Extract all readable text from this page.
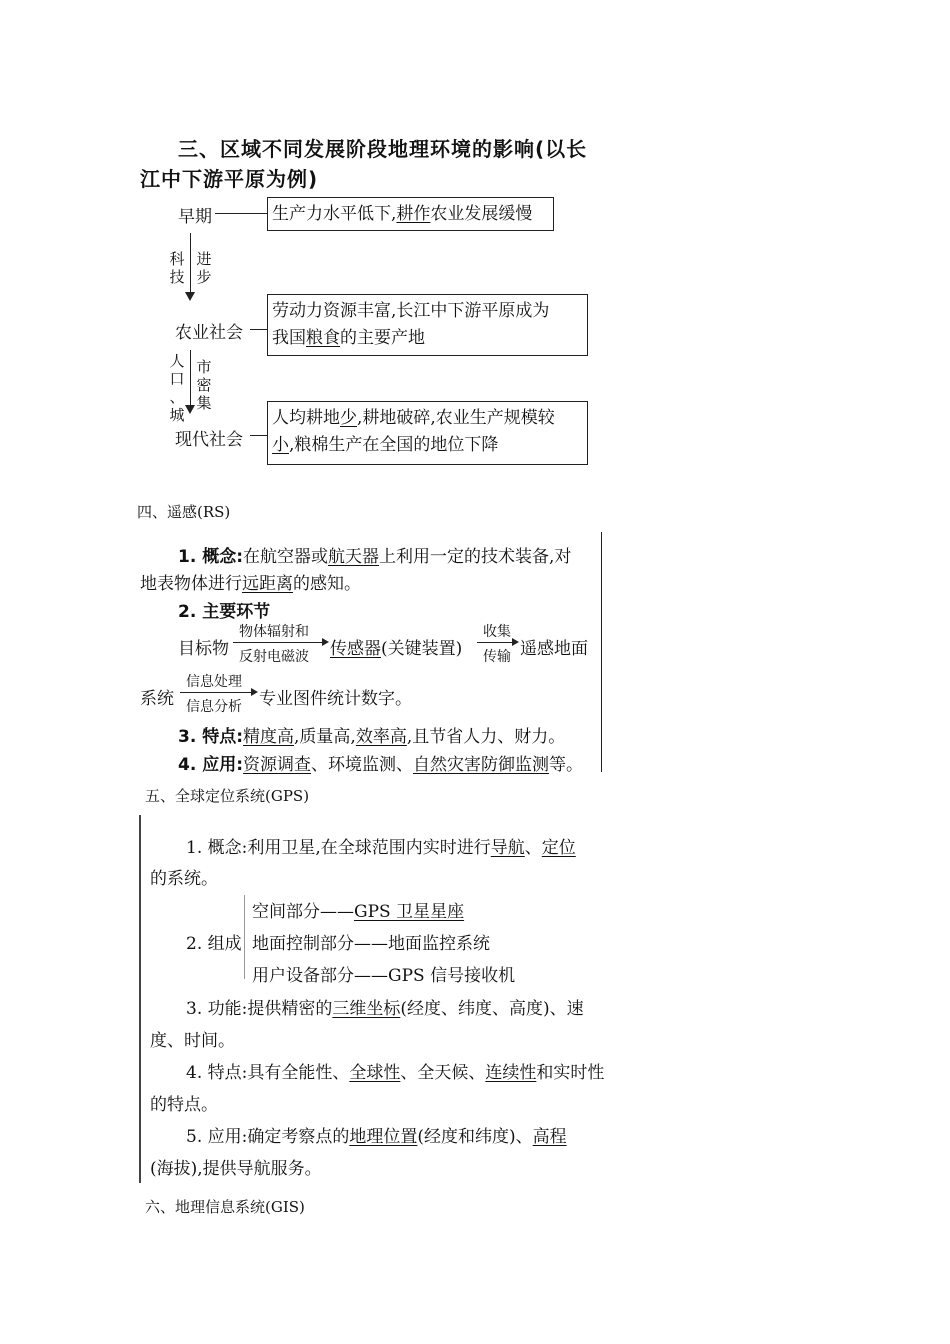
三、区域不同发展阶段地理环境的影响(以长
江中下游平原为例)
早期	生产力水平低下,耕作农业发展缓慢
科
技
进
步
农业社会
劳动力资源丰富,长江中下游平原成为
我国粮食的主要产地
人
口
、
城
市
密
集
现代社会
人均耕地少,耕地破碎,农业生产规模较
小,粮棉生产在全国的地位下降
四、遥感(RS)
1. 概念:在航空器或航天器上利用一定的技术装备,对
地表物体进行远距离的感知。
2. 主要环节
目标物
物体辐射和
反射电磁波 传感器(关键装置)
收集
传输 遥感地面
系统
信息处理
信息分析 专业图件统计数字。
3. 特点:精度高,质量高,效率高,且节省人力、财力。
4. 应用:资源调查、环境监测、自然灾害防御监测等。
五、全球定位系统(GPS)
1. 概念:利用卫星,在全球范围内实时进行导航、定位
的系统。
2. 组成
空间部分——GPS 卫星星座
地面控制部分——地面监控系统
用户设备部分——GPS 信号接收机
3. 功能:提供精密的三维坐标(经度、纬度、高度)、速
度、时间。
4. 特点:具有全能性、全球性、全天候、连续性和实时性
的特点。
5. 应用:确定考察点的地理位置(经度和纬度)、高程
(海拔),提供导航服务。
六、地理信息系统(GIS)
